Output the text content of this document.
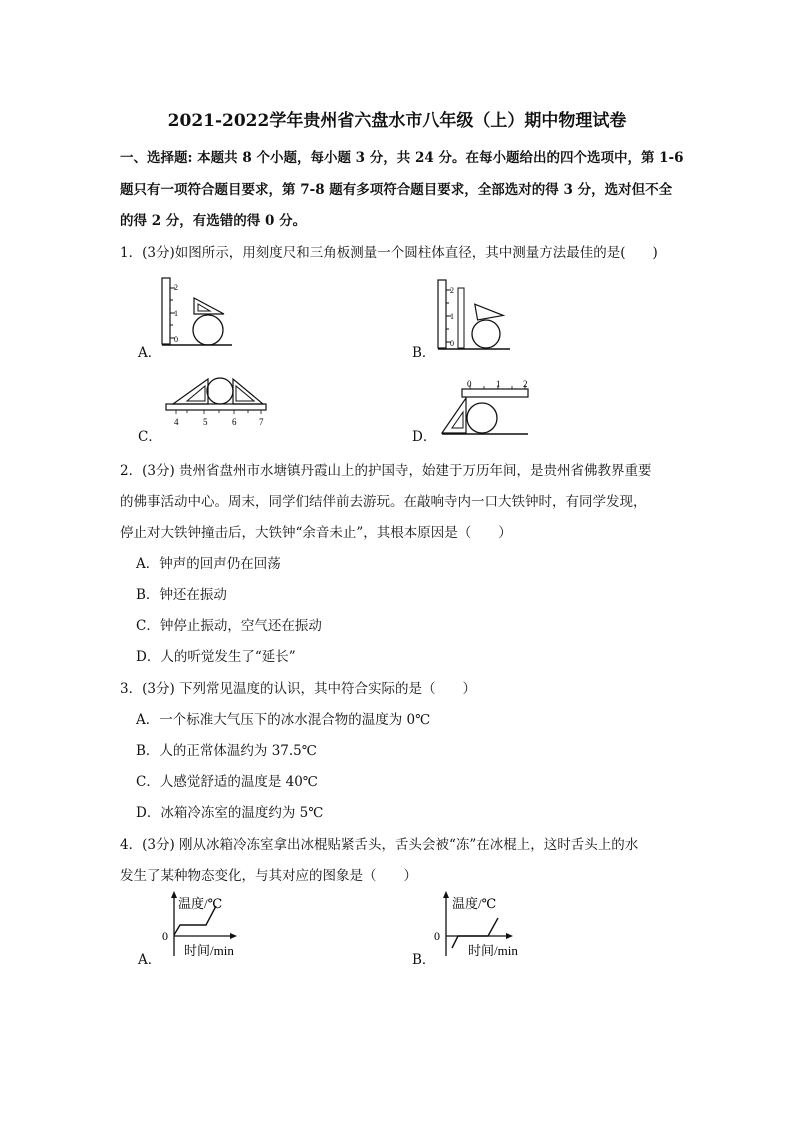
2021-2022学年贵州省六盘水市八年级（上）期中物理试卷
一、选择题: 本题共 8 个小题，每小题 3 分，共 24 分。在每小题给出的四个选项中，第 1-6
题只有一项符合题目要求，第 7-8 题有多项符合题目要求，全部选对的得 3 分，选对但不全
的得 2 分，有选错的得 0 分。
1．(3分)如图所示，用刻度尺和三角板测量一个圆柱体直径，其中测量方法最佳的是(　　)
A．
2
1
0
B．
2
1
0
C．
4	5	6	7
D．
0	1	2
2．(3分) 贵州省盘州市水塘镇丹霞山上的护国寺，始建于万历年间，是贵州省佛教界重要
的佛事活动中心。周末，同学们结伴前去游玩。在敲响寺内一口大铁钟时，有同学发现，
停止对大铁钟撞击后，大铁钟“余音未止”，其根本原因是（　　）
A．钟声的回声仍在回荡
B．钟还在振动
C．钟停止振动，空气还在振动
D．人的听觉发生了“延长”
3．(3分) 下列常见温度的认识，其中符合实际的是（　　）
A．一个标准大气压下的冰水混合物的温度为 0℃
B．人的正常体温约为 37.5℃
C．人感觉舒适的温度是 40℃
D．冰箱冷冻室的温度约为 5℃
4．(3分) 刚从冰箱冷冻室拿出冰棍贴紧舌头，舌头会被“冻”在冰棍上，这时舌头上的水
发生了某种物态变化，与其对应的图象是（　　）
A．
0
温度/℃
时间/min
B．
0
温度/℃
时间/min
